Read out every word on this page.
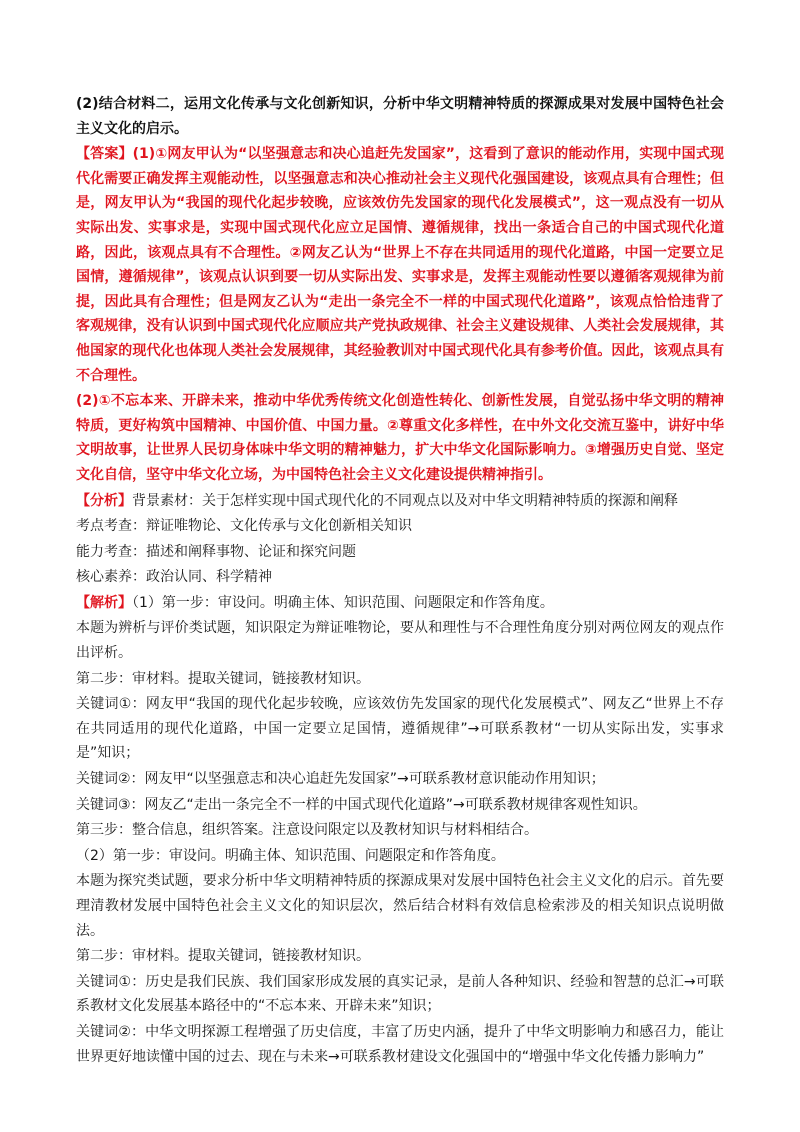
(2)结合材料二，运用文化传承与文化创新知识，分析中华文明精神特质的探源成果对发展中国特色社会主义文化的启示。

【答案】(1)①网友甲认为“以坚强意志和决心追赶先发国家”，这看到了意识的能动作用，实现中国式现代化需要正确发挥主观能动性，以坚强意志和决心推动社会主义现代化强国建设，该观点具有合理性；但是，网友甲认为“我国的现代化起步较晚，应该效仿先发国家的现代化发展模式”，这一观点没有一切从实际出发、实事求是，实现中国式现代化应立足国情、遵循规律，找出一条适合自己的中国式现代化道路，因此，该观点具有不合理性。②网友乙认为“世界上不存在共同适用的现代化道路，中国一定要立足国情，遵循规律”，该观点认识到要一切从实际出发、实事求是，发挥主观能动性要以遵循客观规律为前提，因此具有合理性；但是网友乙认为“走出一条完全不一样的中国式现代化道路”，该观点恰恰违背了客观规律，没有认识到中国式现代化应顺应共产党执政规律、社会主义建设规律、人类社会发展规律，其他国家的现代化也体现人类社会发展规律，其经验教训对中国式现代化具有参考价值。因此，该观点具有不合理性。

(2)①不忘本来、开辟未来，推动中华优秀传统文化创造性转化、创新性发展，自觉弘扬中华文明的精神特质，更好构筑中国精神、中国价值、中国力量。②尊重文化多样性，在中外文化交流互鉴中，讲好中华文明故事，让世界人民切身体味中华文明的精神魅力，扩大中华文化国际影响力。③增强历史自觉、坚定文化自信，坚守中华文化立场，为中国特色社会主义文化建设提供精神指引。

【分析】背景素材：关于怎样实现中国式现代化的不同观点以及对中华文明精神特质的探源和阐释

考点考查：辩证唯物论、文化传承与文化创新相关知识

能力考查：描述和阐释事物、论证和探究问题

核心素养：政治认同、科学精神

【解析】（1）第一步：审设问。明确主体、知识范围、问题限定和作答角度。

本题为辨析与评价类试题，知识限定为辩证唯物论，要从和理性与不合理性角度分别对两位网友的观点作出评析。

第二步：审材料。提取关键词，链接教材知识。

关键词①：网友甲“我国的现代化起步较晚，应该效仿先发国家的现代化发展模式”、网友乙“世界上不存在共同适用的现代化道路，中国一定要立足国情，遵循规律”→可联系教材“一切从实际出发，实事求是”知识；

关键词②：网友甲“以坚强意志和决心追赶先发国家”→可联系教材意识能动作用知识；

关键词③：网友乙“走出一条完全不一样的中国式现代化道路”→可联系教材规律客观性知识。

第三步：整合信息，组织答案。注意设问限定以及教材知识与材料相结合。

（2）第一步：审设问。明确主体、知识范围、问题限定和作答角度。

本题为探究类试题，要求分析中华文明精神特质的探源成果对发展中国特色社会主义文化的启示。首先要理清教材发展中国特色社会主义文化的知识层次，然后结合材料有效信息检索涉及的相关知识点说明做法。

第二步：审材料。提取关键词，链接教材知识。

关键词①：历史是我们民族、我们国家形成发展的真实记录，是前人各种知识、经验和智慧的总汇→可联系教材文化发展基本路径中的“不忘本来、开辟未来”知识；

关键词②：中华文明探源工程增强了历史信度，丰富了历史内涵，提升了中华文明影响力和感召力，能让世界更好地读懂中国的过去、现在与未来→可联系教材建设文化强国中的“增强中华文化传播力影响力”
